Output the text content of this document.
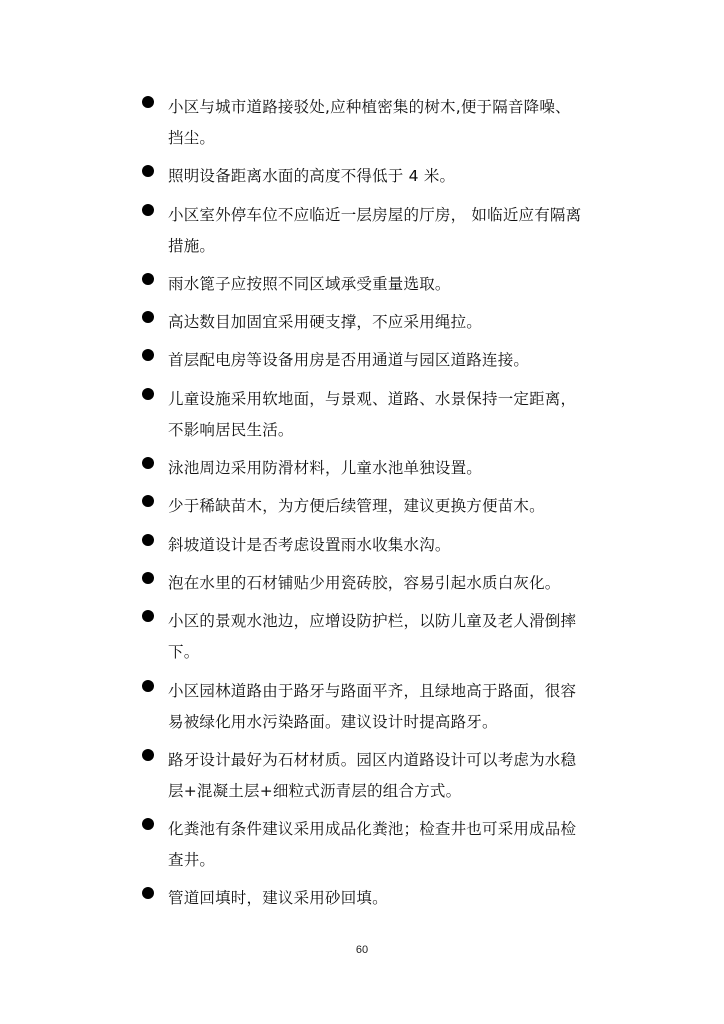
小区与城市道路接驳处,应种植密集的树木,便于隔音降噪、
挡尘。
照明设备距离水面的高度不得低于 4 米。
小区室外停车位不应临近一层房屋的厅房， 如临近应有隔离
措施。
雨水篦子应按照不同区域承受重量选取。
高达数目加固宜采用硬支撑，不应采用绳拉。
首层配电房等设备用房是否用通道与园区道路连接。
儿童设施采用软地面，与景观、道路、水景保持一定距离，
不影响居民生活。
泳池周边采用防滑材料，儿童水池单独设置。
少于稀缺苗木，为方便后续管理，建议更换方便苗木。
斜坡道设计是否考虑设置雨水收集水沟。
泡在水里的石材铺贴少用瓷砖胶，容易引起水质白灰化。
小区的景观水池边，应增设防护栏，以防儿童及老人滑倒摔
下。
小区园林道路由于路牙与路面平齐，且绿地高于路面，很容
易被绿化用水污染路面。建议设计时提高路牙。
路牙设计最好为石材材质。园区内道路设计可以考虑为水稳
层+混凝土层+细粒式沥青层的组合方式。
化粪池有条件建议采用成品化粪池；检查井也可采用成品检
查井。
管道回填时，建议采用砂回填。
60
